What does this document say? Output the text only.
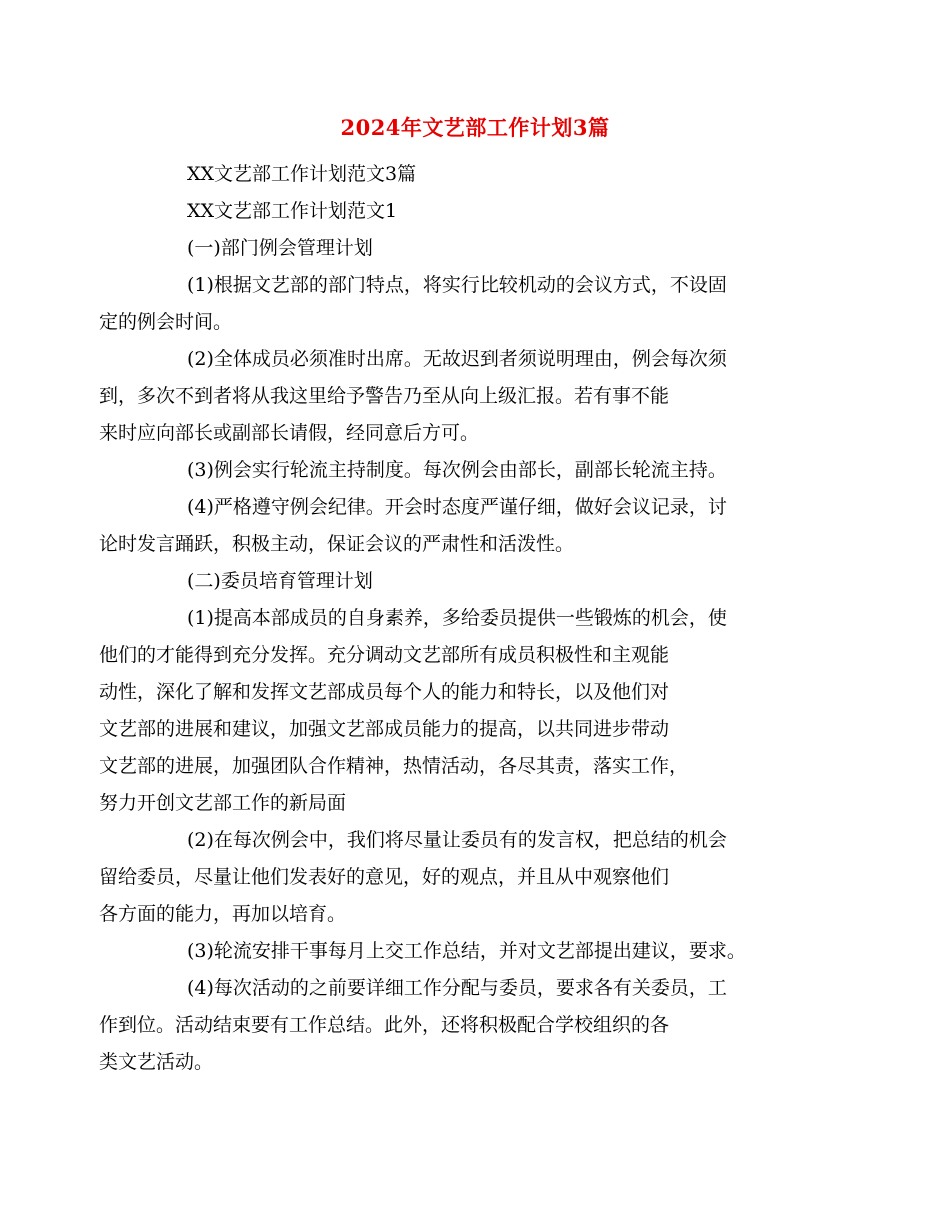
2024年文艺部工作计划3篇

XX文艺部工作计划范文3篇

XX文艺部工作计划范文1

(一)部门例会管理计划

(1)根据文艺部的部门特点，将实行比较机动的会议方式，不设固
定的例会时间。

(2)全体成员必须准时出席。无故迟到者须说明理由，例会每次须
到，多次不到者将从我这里给予警告乃至从向上级汇报。若有事不能
来时应向部长或副部长请假，经同意后方可。

(3)例会实行轮流主持制度。每次例会由部长，副部长轮流主持。

(4)严格遵守例会纪律。开会时态度严谨仔细，做好会议记录，讨
论时发言踊跃，积极主动，保证会议的严肃性和活泼性。

(二)委员培育管理计划

(1)提高本部成员的自身素养，多给委员提供一些锻炼的机会，使
他们的才能得到充分发挥。充分调动文艺部所有成员积极性和主观能
动性，深化了解和发挥文艺部成员每个人的能力和特长，以及他们对
文艺部的进展和建议，加强文艺部成员能力的提高，以共同进步带动
文艺部的进展，加强团队合作精神，热情活动，各尽其责，落实工作，
努力开创文艺部工作的新局面

(2)在每次例会中，我们将尽量让委员有的发言权，把总结的机会
留给委员，尽量让他们发表好的意见，好的观点，并且从中观察他们
各方面的能力，再加以培育。

(3)轮流安排干事每月上交工作总结，并对文艺部提出建议，要求。

(4)每次活动的之前要详细工作分配与委员，要求各有关委员，工
作到位。活动结束要有工作总结。此外，还将积极配合学校组织的各
类文艺活动。
